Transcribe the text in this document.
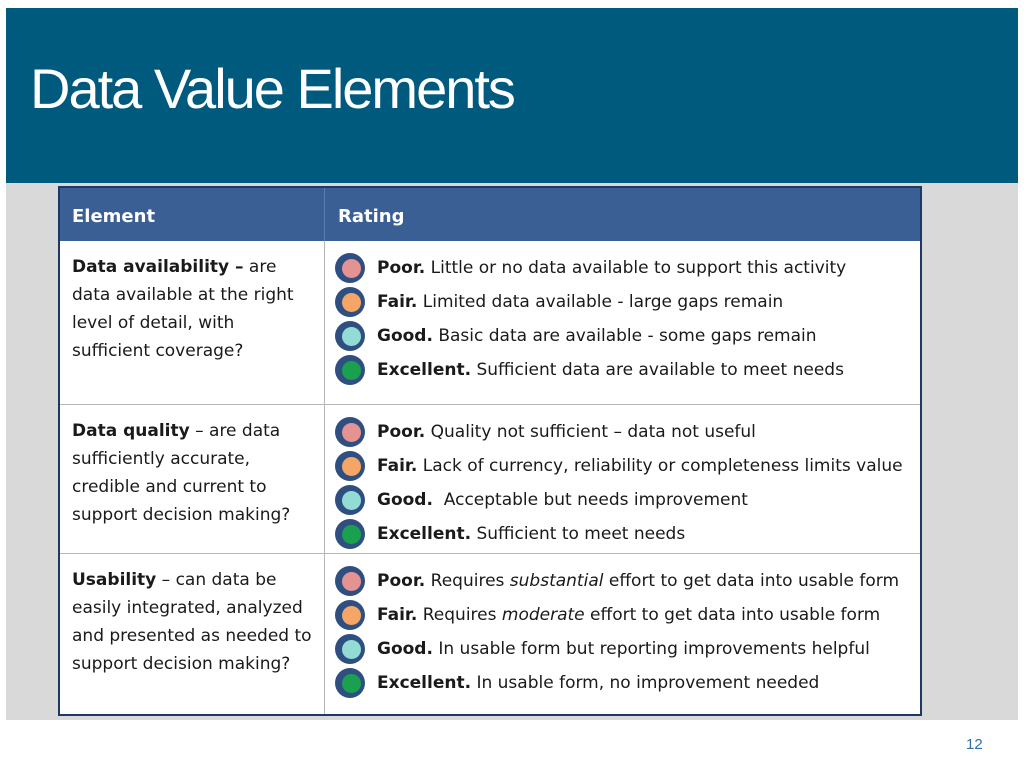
Data Value Elements
Element	Rating
Data availability – are data available at the right level of detail, with sufficient coverage?
Poor. Little or no data available to support this activity
Fair. Limited data available - large gaps remain
Good. Basic data are available - some gaps remain
Excellent. Sufficient data are available to meet needs
Data quality – are data sufficiently accurate, credible and current to support decision making?
Poor. Quality not sufficient – data not useful
Fair. Lack of currency, reliability or completeness limits value
Good.  Acceptable but needs improvement
Excellent. Sufficient to meet needs
Usability – can data be easily integrated, analyzed and presented as needed to support decision making?
Poor. Requires substantial effort to get data into usable form
Fair. Requires moderate effort to get data into usable form
Good. In usable form but reporting improvements helpful
Excellent. In usable form, no improvement needed
12
